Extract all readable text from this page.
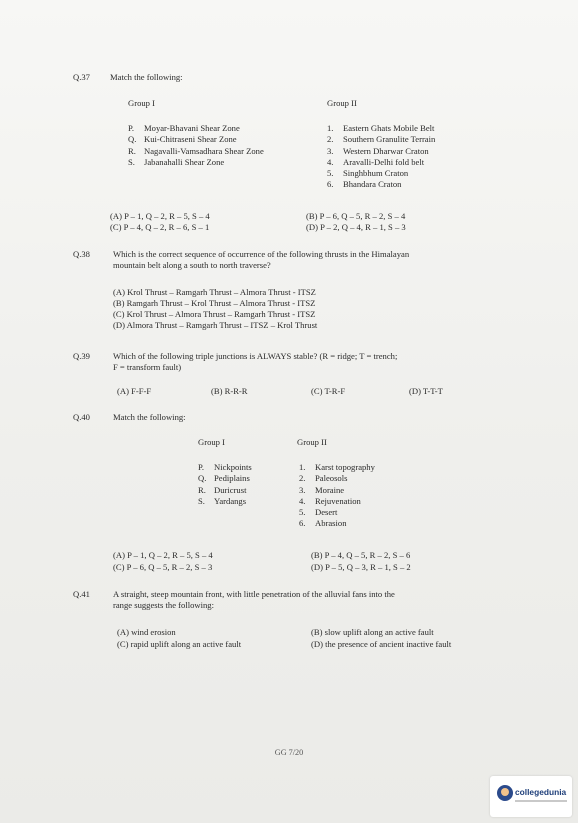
Q.37 Match the following:
Group I	Group II
P. Moyar-Bhavani Shear Zone
Q. Kui-Chitraseni Shear Zone
R. Nagavalli-Vamsadhara Shear Zone
S. Jabanahalli Shear Zone
1. Eastern Ghats Mobile Belt
2. Southern Granulite Terrain
3. Western Dharwar Craton
4. Aravalli-Delhi fold belt
5. Singhbhum Craton
6. Bhandara Craton
(A) P – 1, Q – 2, R – 5, S – 4	(B) P – 6, Q – 5, R – 2, S – 4
(C) P – 4, Q – 2, R – 6, S – 1	(D) P – 2, Q – 4, R – 1, S – 3
Q.38	Which is the correct sequence of occurrence of the following thrusts in the Himalayan
mountain belt along a south to north traverse?
(A) Krol Thrust – Ramgarh Thrust – Almora Thrust - ITSZ
(B) Ramgarh Thrust – Krol Thrust – Almora Thrust - ITSZ
(C) Krol Thrust – Almora Thrust – Ramgarh Thrust - ITSZ
(D) Almora Thrust – Ramgarh Thrust – ITSZ – Krol Thrust
Q.39	Which of the following triple junctions is ALWAYS stable? (R = ridge; T = trench;
F = transform fault)
(A) F-F-F	(B) R-R-R	(C) T-R-F	(D) T-T-T
Q.40	Match the following:
Group I	Group II
P. Nickpoints
Q. Pediplains
R. Duricrust
S. Yardangs
1. Karst topography
2. Paleosols
3. Moraine
4. Rejuvenation
5. Desert
6. Abrasion
(A) P – 1, Q – 2, R – 5, S – 4	(B) P – 4, Q – 5, R – 2, S – 6
(C) P – 6, Q – 5, R – 2, S – 3	(D) P – 5, Q – 3, R – 1, S – 2
Q.41	A straight, steep mountain front, with little penetration of the alluvial fans into the
range suggests the following:
(A) wind erosion	(B) slow uplift along an active fault
(C) rapid uplift along an active fault	(D) the presence of ancient inactive fault
GG 7/20
collegedunia
